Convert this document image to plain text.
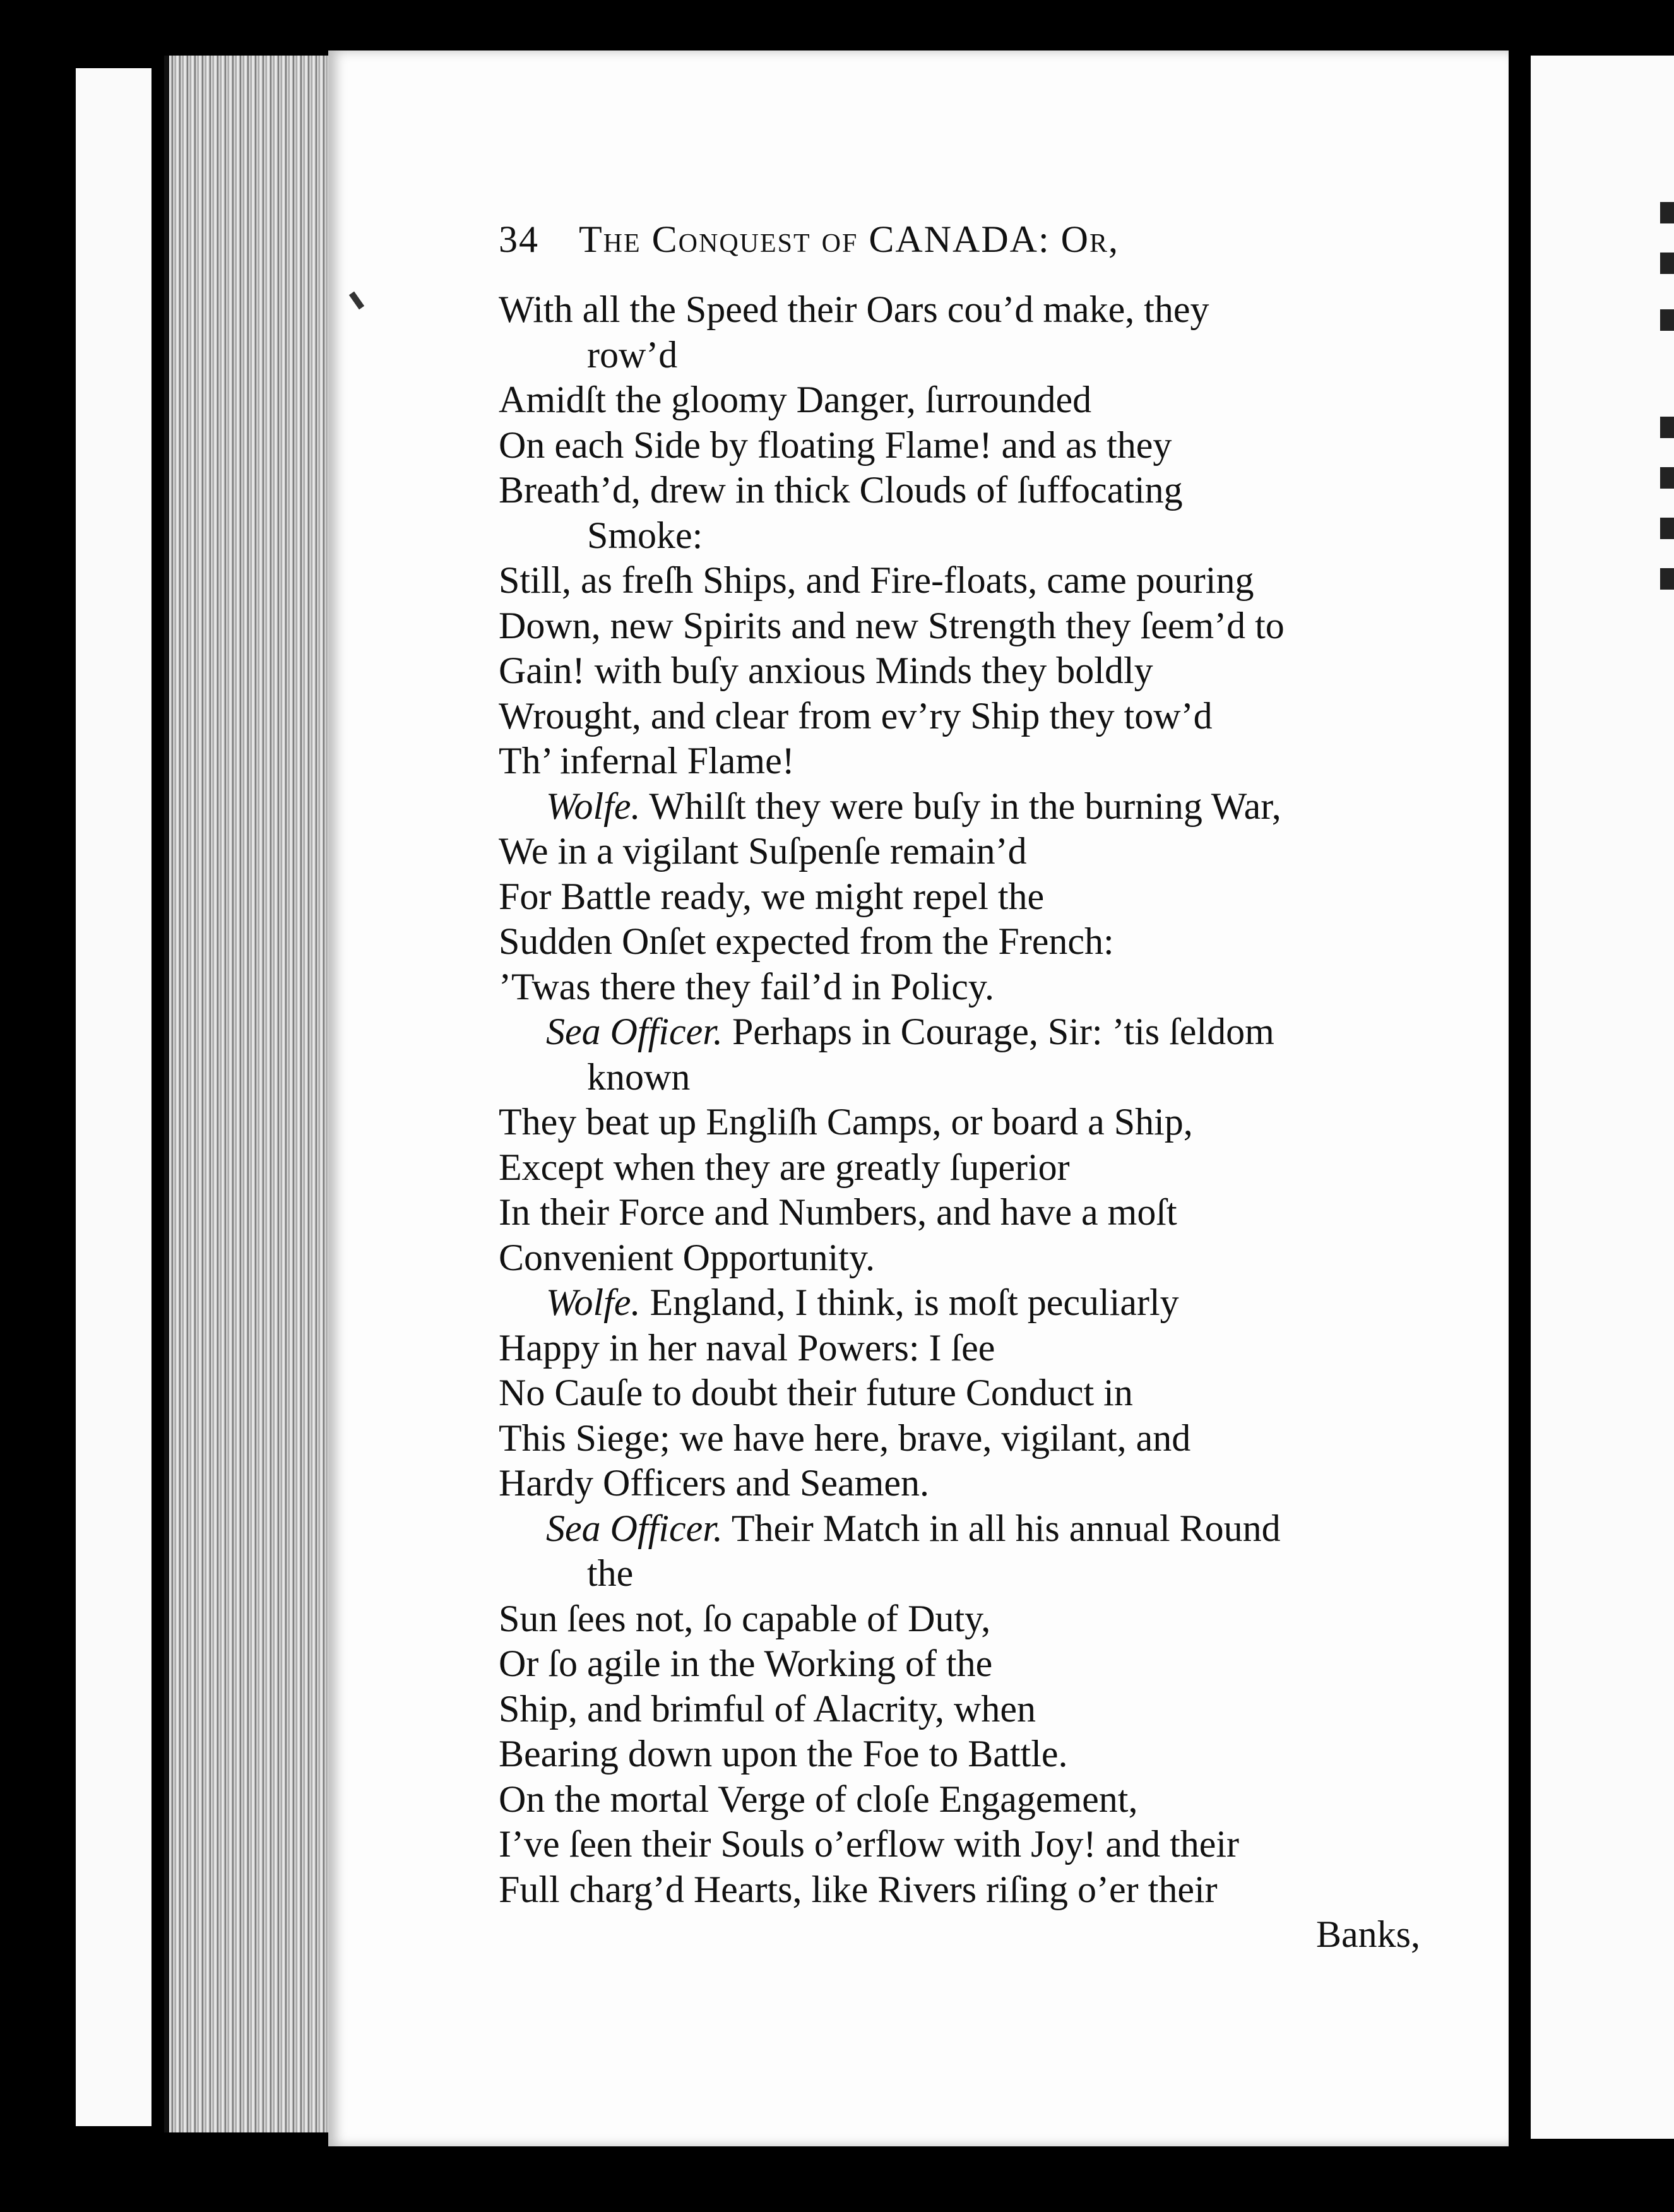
34 The Conquest of CANADA: Or,
With all the Speed their Oars cou’d make, they
row’d
Amidſt the gloomy Danger, ſurrounded
On each Side by floating Flame! and as they
Breath’d, drew in thick Clouds of ſuffocating
Smoke:
Still, as freſh Ships, and Fire-floats, came pouring
Down, new Spirits and new Strength they ſeem’d to
Gain! with buſy anxious Minds they boldly
Wrought, and clear from ev’ry Ship they tow’d
Th’ infernal Flame!
Wolfe. Whilſt they were buſy in the burning War,
We in a vigilant Suſpenſe remain’d
For Battle ready, we might repel the
Sudden Onſet expected from the French:
’Twas there they fail’d in Policy.
Sea Officer. Perhaps in Courage, Sir: ’tis ſeldom
known
They beat up Engliſh Camps, or board a Ship,
Except when they are greatly ſuperior
In their Force and Numbers, and have a moſt
Convenient Opportunity.
Wolfe. England, I think, is moſt peculiarly
Happy in her naval Powers: I ſee
No Cauſe to doubt their future Conduct in
This Siege; we have here, brave, vigilant, and
Hardy Officers and Seamen.
Sea Officer. Their Match in all his annual Round
the
Sun ſees not, ſo capable of Duty,
Or ſo agile in the Working of the
Ship, and brimful of Alacrity, when
Bearing down upon the Foe to Battle.
On the mortal Verge of cloſe Engagement,
I’ve ſeen their Souls o’erflow with Joy! and their
Full charg’d Hearts, like Rivers riſing o’er their
Banks,
